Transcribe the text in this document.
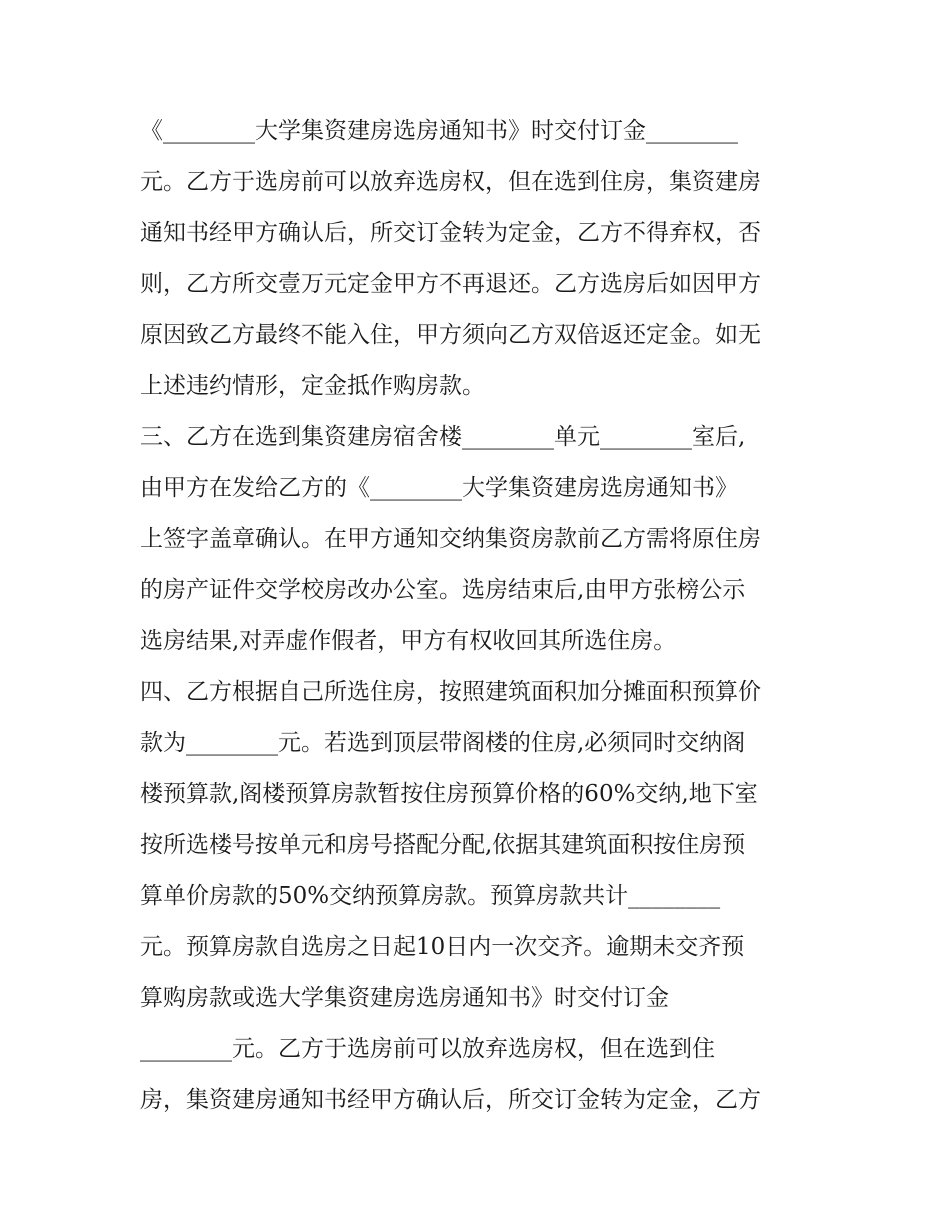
《________大学集资建房选房通知书》时交付订金________
元。乙方于选房前可以放弃选房权，但在选到住房，集资建房
通知书经甲方确认后，所交订金转为定金，乙方不得弃权，否
则，乙方所交壹万元定金甲方不再退还。乙方选房后如因甲方
原因致乙方最终不能入住，甲方须向乙方双倍返还定金。如无
上述违约情形，定金抵作购房款。
三、乙方在选到集资建房宿舍楼________单元________室后,
由甲方在发给乙方的《________大学集资建房选房通知书》
上签字盖章确认。在甲方通知交纳集资房款前乙方需将原住房
的房产证件交学校房改办公室。选房结束后,由甲方张榜公示
选房结果,对弄虚作假者，甲方有权收回其所选住房。
四、乙方根据自己所选住房，按照建筑面积加分摊面积预算价
款为________元。若选到顶层带阁楼的住房,必须同时交纳阁
楼预算款,阁楼预算房款暂按住房预算价格的60%交纳,地下室
按所选楼号按单元和房号搭配分配,依据其建筑面积按住房预
算单价房款的50%交纳预算房款。预算房款共计________
元。预算房款自选房之日起10日内一次交齐。逾期未交齐预
算购房款或选大学集资建房选房通知书》时交付订金
________元。乙方于选房前可以放弃选房权，但在选到住
房，集资建房通知书经甲方确认后，所交订金转为定金，乙方
